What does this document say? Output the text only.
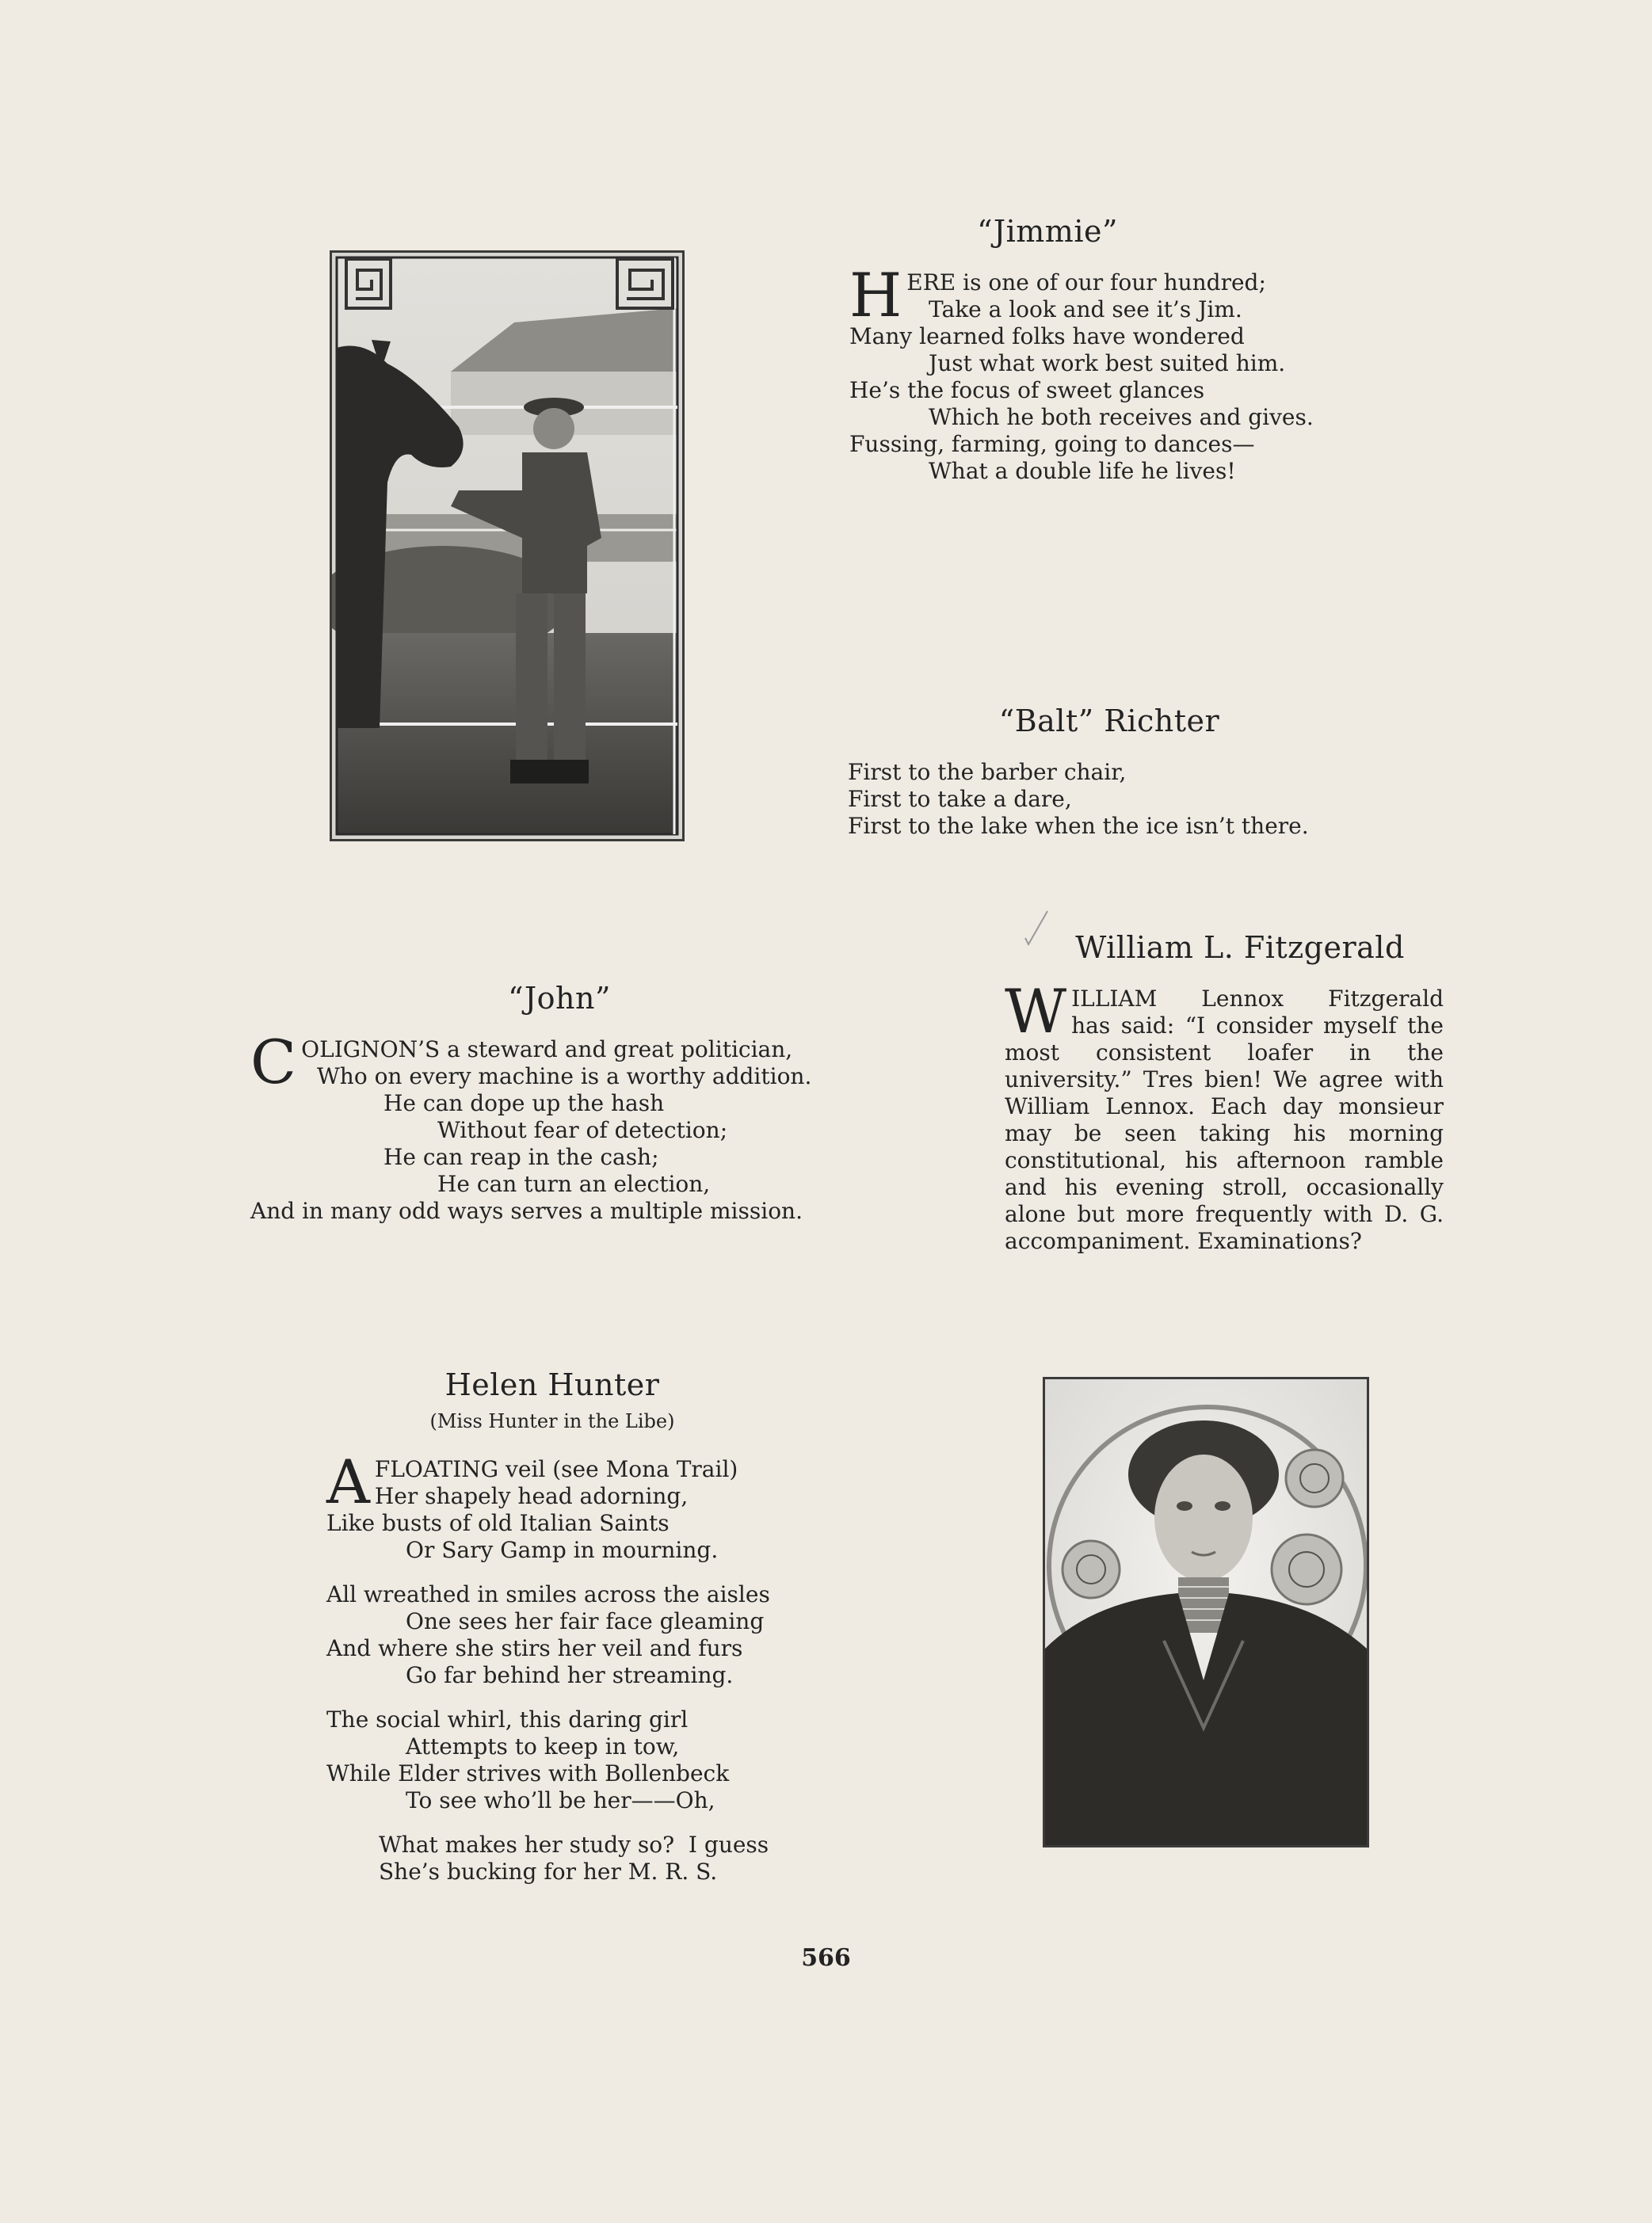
“Jimmie”
H ERE is one of our four hundred;
Take a look and see it’s Jim.
Many learned folks have wondered
Just what work best suited him.
He’s the focus of sweet glances
Which he both receives and gives.
Fussing, farming, going to dances—
What a double life he lives!
“Balt” Richter
First to the barber chair,
First to take a dare,
First to the lake when the ice isn’t there.
William L. Fitzgerald
W ILLIAM Lennox Fitzgerald
has said: “I consider myself the most consistent loafer in the university.” Tres bien! We agree with William Lennox. Each day monsieur may be seen taking his morning constitutional, his afternoon ramble and his evening stroll, occasionally alone but more frequently with D. G. accompaniment. Examinations?
“John”
C OLIGNON’S a steward and great politician,
Who on every machine is a worthy addition.
He can dope up the hash
Without fear of detection;
He can reap in the cash;
He can turn an election,
And in many odd ways serves a multiple mission.
Helen Hunter
(Miss Hunter in the Libe)
A FLOATING veil (see Mona Trail)
Her shapely head adorning,
Like busts of old Italian Saints
Or Sary Gamp in mourning.
All wreathed in smiles across the aisles
One sees her fair face gleaming
And where she stirs her veil and furs
Go far behind her streaming.
The social whirl, this daring girl
Attempts to keep in tow,
While Elder strives with Bollenbeck
To see who’ll be her——Oh,
What makes her study so?  I guess
She’s bucking for her M. R. S.
566
